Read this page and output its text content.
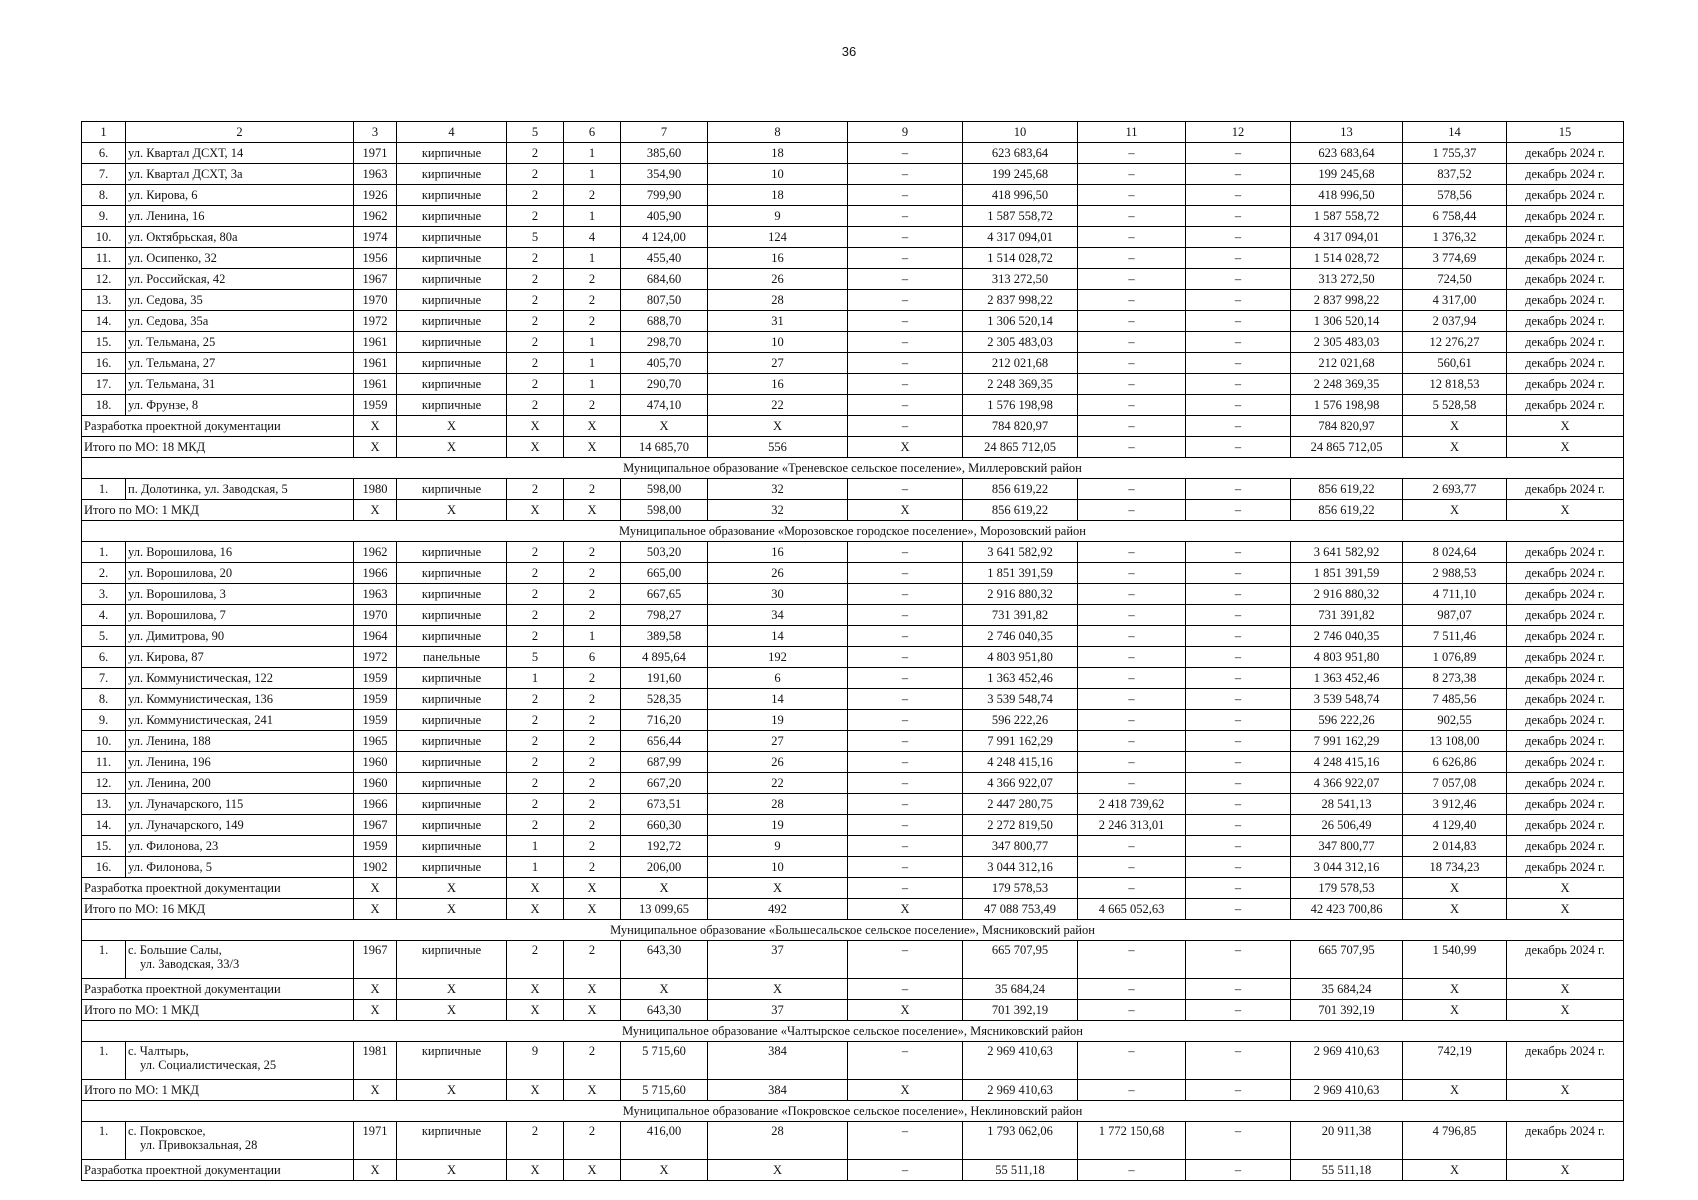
36
1	2	3	4	5	6	7	8	9	10	11	12	13	14	15
6.	ул. Квартал ДСХТ, 14	1971	кирпичные	2	1	385,60	18	–	623 683,64	–	–	623 683,64	1 755,37	декабрь 2024 г.
7.	ул. Квартал ДСХТ, 3а	1963	кирпичные	2	1	354,90	10	–	199 245,68	–	–	199 245,68	837,52	декабрь 2024 г.
8.	ул. Кирова, 6	1926	кирпичные	2	2	799,90	18	–	418 996,50	–	–	418 996,50	578,56	декабрь 2024 г.
9.	ул. Ленина, 16	1962	кирпичные	2	1	405,90	9	–	1 587 558,72	–	–	1 587 558,72	6 758,44	декабрь 2024 г.
10.	ул. Октябрьская, 80а	1974	кирпичные	5	4	4 124,00	124	–	4 317 094,01	–	–	4 317 094,01	1 376,32	декабрь 2024 г.
11.	ул. Осипенко, 32	1956	кирпичные	2	1	455,40	16	–	1 514 028,72	–	–	1 514 028,72	3 774,69	декабрь 2024 г.
12.	ул. Российская, 42	1967	кирпичные	2	2	684,60	26	–	313 272,50	–	–	313 272,50	724,50	декабрь 2024 г.
13.	ул. Седова, 35	1970	кирпичные	2	2	807,50	28	–	2 837 998,22	–	–	2 837 998,22	4 317,00	декабрь 2024 г.
14.	ул. Седова, 35а	1972	кирпичные	2	2	688,70	31	–	1 306 520,14	–	–	1 306 520,14	2 037,94	декабрь 2024 г.
15.	ул. Тельмана, 25	1961	кирпичные	2	1	298,70	10	–	2 305 483,03	–	–	2 305 483,03	12 276,27	декабрь 2024 г.
16.	ул. Тельмана, 27	1961	кирпичные	2	1	405,70	27	–	212 021,68	–	–	212 021,68	560,61	декабрь 2024 г.
17.	ул. Тельмана, 31	1961	кирпичные	2	1	290,70	16	–	2 248 369,35	–	–	2 248 369,35	12 818,53	декабрь 2024 г.
18.	ул. Фрунзе, 8	1959	кирпичные	2	2	474,10	22	–	1 576 198,98	–	–	1 576 198,98	5 528,58	декабрь 2024 г.
Разработка проектной документации		X	X	X	X	X	X	–	784 820,97	–	–	784 820,97	X	X
Итого по МО: 18 МКД		X	X	X	X	14 685,70	556	X	24 865 712,05	–	–	24 865 712,05	X	X
Муниципальное образование «Треневское сельское поселение», Миллеровский район														
1.	п. Долотинка, ул. Заводская, 5	1980	кирпичные	2	2	598,00	32	–	856 619,22	–	–	856 619,22	2 693,77	декабрь 2024 г.
Итого по МО: 1 МКД		X	X	X	X	598,00	32	X	856 619,22	–	–	856 619,22	X	X
Муниципальное образование «Морозовское городское поселение», Морозовский район														
1.	ул. Ворошилова, 16	1962	кирпичные	2	2	503,20	16	–	3 641 582,92	–	–	3 641 582,92	8 024,64	декабрь 2024 г.
2.	ул. Ворошилова, 20	1966	кирпичные	2	2	665,00	26	–	1 851 391,59	–	–	1 851 391,59	2 988,53	декабрь 2024 г.
3.	ул. Ворошилова, 3	1963	кирпичные	2	2	667,65	30	–	2 916 880,32	–	–	2 916 880,32	4 711,10	декабрь 2024 г.
4.	ул. Ворошилова, 7	1970	кирпичные	2	2	798,27	34	–	731 391,82	–	–	731 391,82	987,07	декабрь 2024 г.
5.	ул. Димитрова, 90	1964	кирпичные	2	1	389,58	14	–	2 746 040,35	–	–	2 746 040,35	7 511,46	декабрь 2024 г.
6.	ул. Кирова, 87	1972	панельные	5	6	4 895,64	192	–	4 803 951,80	–	–	4 803 951,80	1 076,89	декабрь 2024 г.
7.	ул. Коммунистическая, 122	1959	кирпичные	1	2	191,60	6	–	1 363 452,46	–	–	1 363 452,46	8 273,38	декабрь 2024 г.
8.	ул. Коммунистическая, 136	1959	кирпичные	2	2	528,35	14	–	3 539 548,74	–	–	3 539 548,74	7 485,56	декабрь 2024 г.
9.	ул. Коммунистическая, 241	1959	кирпичные	2	2	716,20	19	–	596 222,26	–	–	596 222,26	902,55	декабрь 2024 г.
10.	ул. Ленина, 188	1965	кирпичные	2	2	656,44	27	–	7 991 162,29	–	–	7 991 162,29	13 108,00	декабрь 2024 г.
11.	ул. Ленина, 196	1960	кирпичные	2	2	687,99	26	–	4 248 415,16	–	–	4 248 415,16	6 626,86	декабрь 2024 г.
12.	ул. Ленина, 200	1960	кирпичные	2	2	667,20	22	–	4 366 922,07	–	–	4 366 922,07	7 057,08	декабрь 2024 г.
13.	ул. Луначарского, 115	1966	кирпичные	2	2	673,51	28	–	2 447 280,75	2 418 739,62	–	28 541,13	3 912,46	декабрь 2024 г.
14.	ул. Луначарского, 149	1967	кирпичные	2	2	660,30	19	–	2 272 819,50	2 246 313,01	–	26 506,49	4 129,40	декабрь 2024 г.
15.	ул. Филонова, 23	1959	кирпичные	1	2	192,72	9	–	347 800,77	–	–	347 800,77	2 014,83	декабрь 2024 г.
16.	ул. Филонова, 5	1902	кирпичные	1	2	206,00	10	–	3 044 312,16	–	–	3 044 312,16	18 734,23	декабрь 2024 г.
Разработка проектной документации		X	X	X	X	X	X	–	179 578,53	–	–	179 578,53	X	X
Итого по МО: 16 МКД		X	X	X	X	13 099,65	492	X	47 088 753,49	4 665 052,63	–	42 423 700,86	X	X
Муниципальное образование «Большесальское сельское поселение», Мясниковский район														
1.	с. Большие Салы,
ул. Заводская, 33/3	1967	кирпичные	2	2	643,30	37	–	665 707,95	–	–	665 707,95	1 540,99	декабрь 2024 г.
Разработка проектной документации		X	X	X	X	X	X	–	35 684,24	–	–	35 684,24	X	X
Итого по МО: 1 МКД		X	X	X	X	643,30	37	X	701 392,19	–	–	701 392,19	X	X
Муниципальное образование «Чалтырское сельское поселение», Мясниковский район														
1.	с. Чалтырь,
ул. Социалистическая, 25	1981	кирпичные	9	2	5 715,60	384	–	2 969 410,63	–	–	2 969 410,63	742,19	декабрь 2024 г.
Итого по МО: 1 МКД		X	X	X	X	5 715,60	384	X	2 969 410,63	–	–	2 969 410,63	X	X
Муниципальное образование «Покровское сельское поселение», Неклиновский район														
1.	с. Покровское,
ул. Привокзальная, 28	1971	кирпичные	2	2	416,00	28	–	1 793 062,06	1 772 150,68	–	20 911,38	4 796,85	декабрь 2024 г.
Разработка проектной документации		X	X	X	X	X	X	–	55 511,18	–	–	55 511,18	X	X
